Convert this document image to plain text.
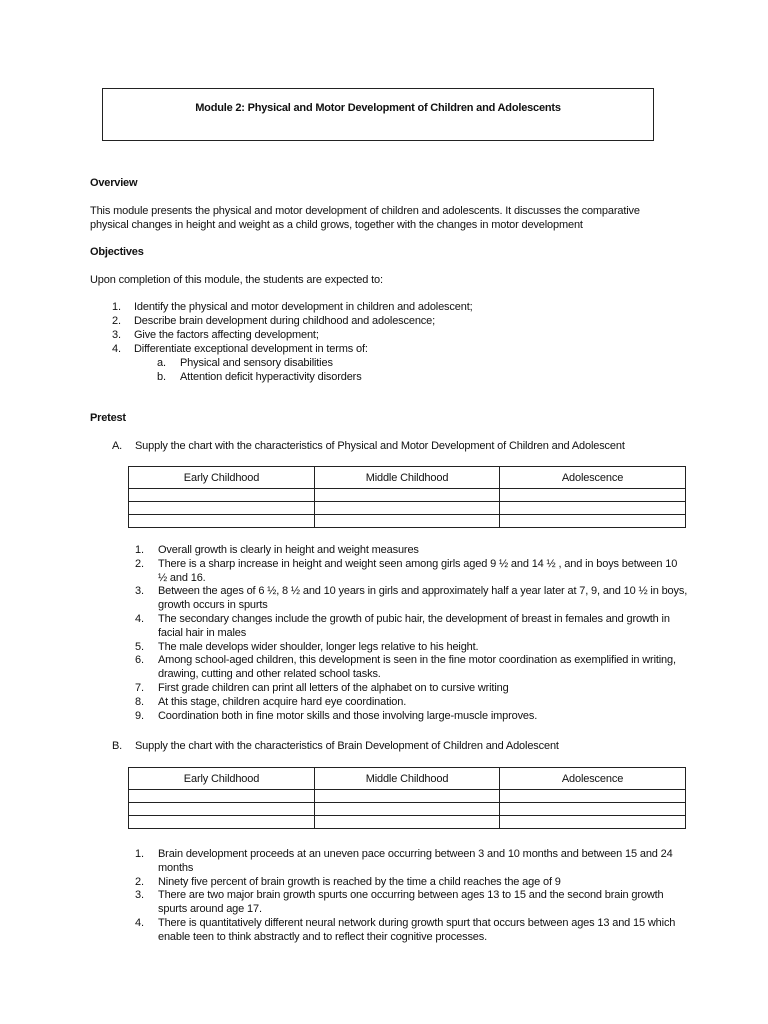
Module 2: Physical and Motor Development of Children and Adolescents
Overview
This module presents the physical and motor development of children and adolescents. It discusses the comparative physical changes in height and weight as a child grows, together with the changes in motor development
Objectives
Upon completion of this module, the students are expected to:
1. Identify the physical and motor development in children and adolescent;
2. Describe brain development during childhood and adolescence;
3. Give the factors affecting development;
4. Differentiate exceptional development in terms of:
a. Physical and sensory disabilities
b. Attention deficit hyperactivity disorders
Pretest
A. Supply the chart with the characteristics of Physical and Motor Development of Children and Adolescent
Early Childhood	Middle Childhood	Adolescence

1. Overall growth is clearly in height and weight measures
2. There is a sharp increase in height and weight seen among girls aged 9 ½ and 14 ½ , and in boys between 10 ½ and 16.
3. Between the ages of 6 ½, 8 ½ and 10 years in girls and approximately half a year later at 7, 9, and 10 ½ in boys, growth occurs in spurts
4. The secondary changes include the growth of pubic hair, the development of breast in females and growth in facial hair in males
5. The male develops wider shoulder, longer legs relative to his height.
6. Among school-aged children, this development is seen in the fine motor coordination as exemplified in writing, drawing, cutting and other related school tasks.
7. First grade children can print all letters of the alphabet on to cursive writing
8. At this stage, children acquire hard eye coordination.
9. Coordination both in fine motor skills and those involving large-muscle improves.
B. Supply the chart with the characteristics of Brain Development of Children and Adolescent
Early Childhood	Middle Childhood	Adolescence

1. Brain development proceeds at an uneven pace occurring between 3 and 10 months and between 15 and 24 months
2. Ninety five percent of brain growth is reached by the time a child reaches the age of 9
3. There are two major brain growth spurts one occurring between ages 13 to 15 and the second brain growth spurts around age 17.
4. There is quantitatively different neural network during growth spurt that occurs between ages 13 and 15 which enable teen to think abstractly and to reflect their cognitive processes.
